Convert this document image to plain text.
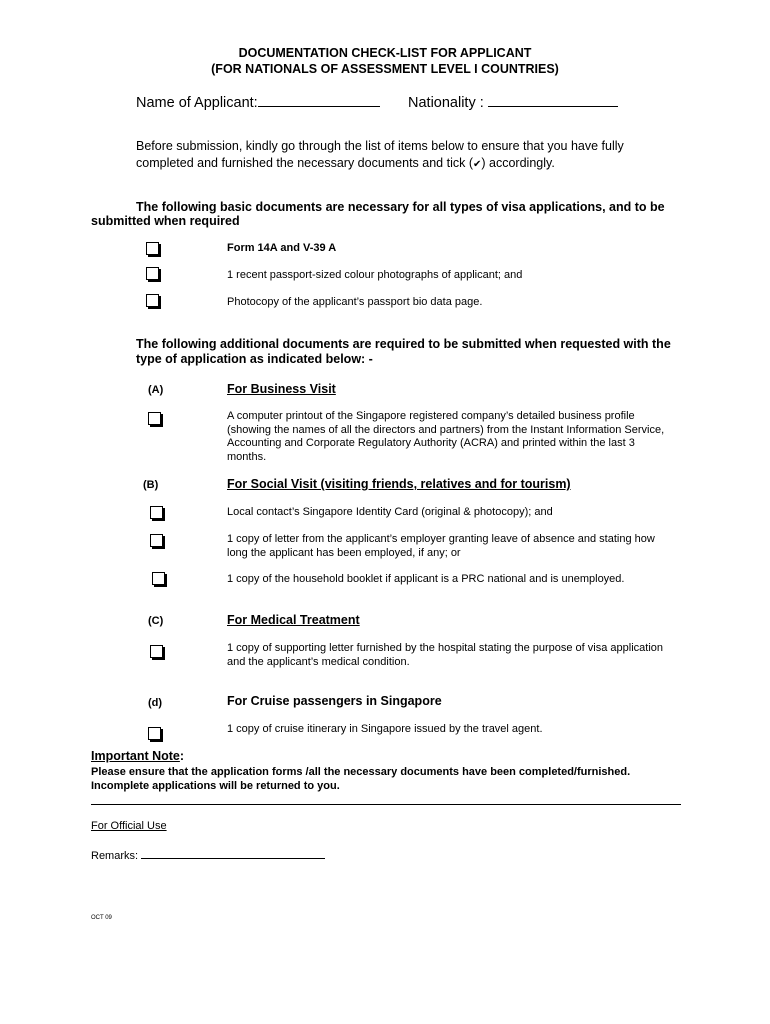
DOCUMENTATION CHECK-LIST FOR APPLICANT
(FOR NATIONALS OF ASSESSMENT LEVEL I COUNTRIES)
Name of Applicant:	Nationality :
Before submission, kindly go through the list of items below to ensure that you have fully
completed and furnished the necessary documents and tick (✔) accordingly.
The following basic documents are necessary for all types of visa applications, and to be
submitted when required
Form 14A and V-39 A
1 recent passport-sized colour photographs of applicant; and
Photocopy of the applicant’s passport bio data page.
The following additional documents are required to be submitted when requested with the
type of application as indicated below: -
(A)	For Business Visit
A computer printout of the Singapore registered company’s detailed business profile
(showing the names of all the directors and partners) from the Instant Information Service,
Accounting and Corporate Regulatory Authority (ACRA) and printed within the last 3
months.
(B)	For Social Visit (visiting friends, relatives and for tourism)
Local contact’s Singapore Identity Card (original & photocopy); and
1 copy of letter from the applicant’s employer granting leave of absence and stating how
long the applicant has been employed, if any; or
1 copy of the household booklet if applicant is a PRC national and is unemployed.
(C)	For Medical Treatment
1 copy of supporting letter furnished by the hospital stating the purpose of visa application
and the applicant’s medical condition.
(d)	For Cruise passengers in Singapore
1 copy of cruise itinerary in Singapore issued by the travel agent.
Important Note:
Please ensure that the application forms /all the necessary documents have been completed/furnished.
Incomplete applications will be returned to you.
For Official Use
Remarks:
OCT 09
